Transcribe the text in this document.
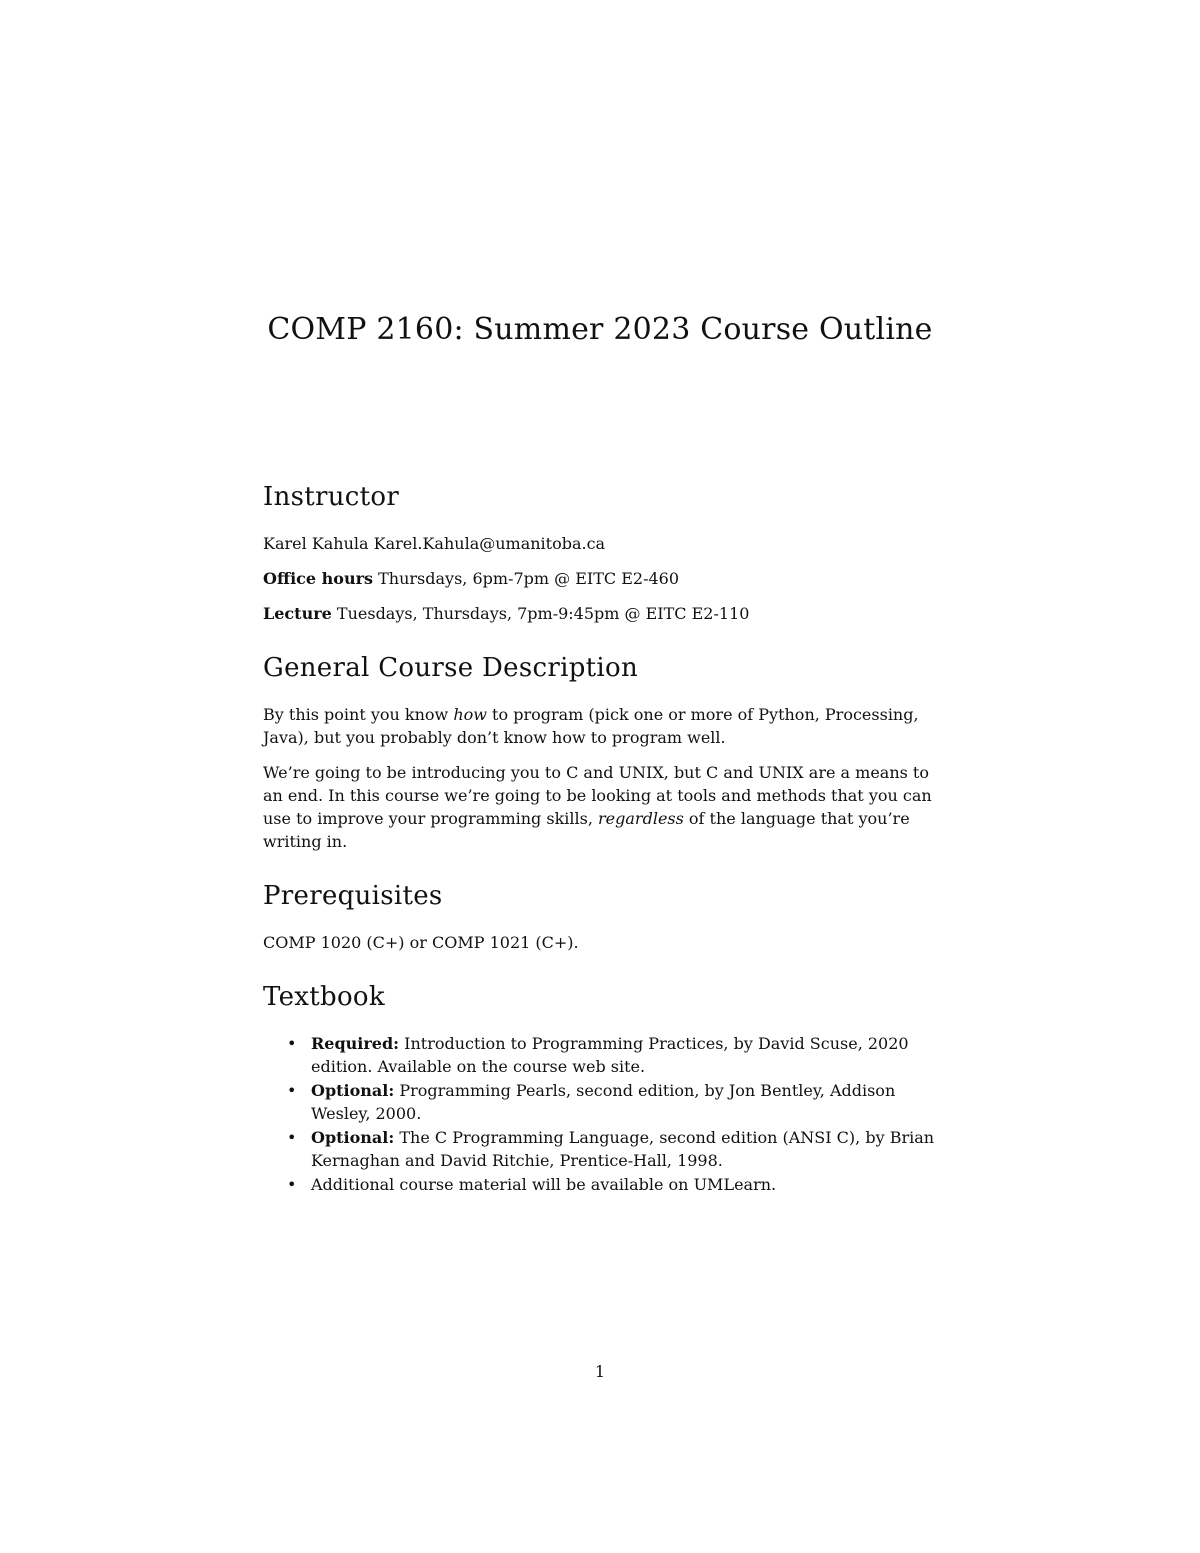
COMP 2160: Summer 2023 Course Outline
Instructor

Karel Kahula Karel.Kahula@umanitoba.ca

Office hours Thursdays, 6pm-7pm @ EITC E2-460

Lecture Tuesdays, Thursdays, 7pm-9:45pm @ EITC E2-110

General Course Description

By this point you know how to program (pick one or more of Python, Processing, Java), but you probably don’t know how to program well.

We’re going to be introducing you to C and UNIX, but C and UNIX are a means to an end. In this course we’re going to be looking at tools and methods that you can use to improve your programming skills, regardless of the language that you’re writing in.

Prerequisites

COMP 1020 (C+) or COMP 1021 (C+).

Textbook
• Required: Introduction to Programming Practices, by David Scuse, 2020 edition. Available on the course web site.
• Optional: Programming Pearls, second edition, by Jon Bentley, Addison Wesley, 2000.
• Optional: The C Programming Language, second edition (ANSI C), by Brian Kernaghan and David Ritchie, Prentice-Hall, 1998.
• Additional course material will be available on UMLearn.
1
